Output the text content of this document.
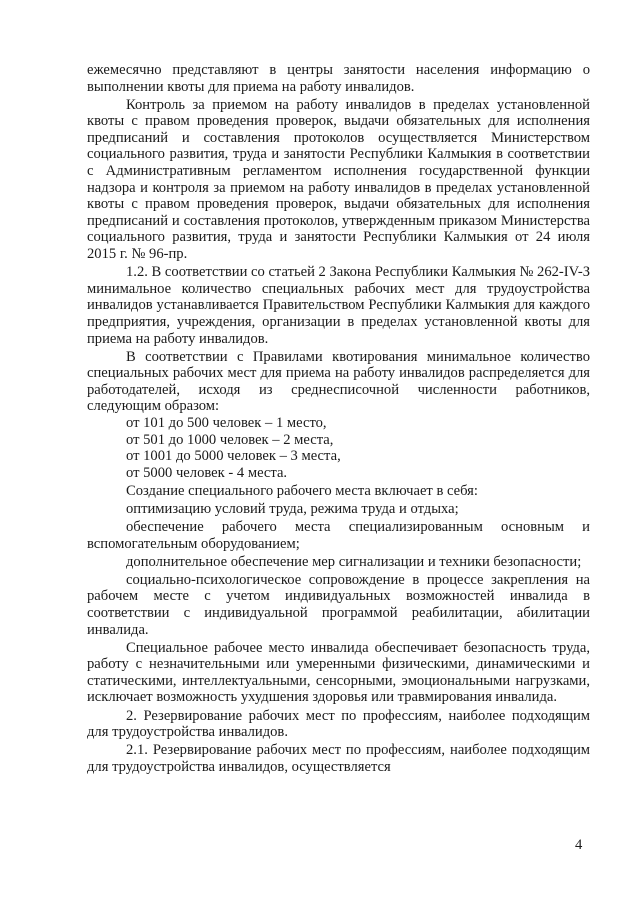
ежемесячно представляют в центры занятости населения информацию о выполнении квоты для приема на работу инвалидов.

Контроль за приемом на работу инвалидов в пределах установленной квоты с правом проведения проверок, выдачи обязательных для исполнения предписаний и составления протоколов осуществляется Министерством социального развития, труда и занятости Республики Калмыкия в соответствии с Административным регламентом исполнения государственной функции надзора и контроля за приемом на работу инвалидов в пределах установленной квоты с правом проведения проверок, выдачи обязательных для исполнения предписаний и составления протоколов, утвержденным приказом Министерства социального развития, труда и занятости Республики Калмыкия от 24 июля 2015 г. № 96-пр.

1.2. В соответствии со статьей 2 Закона Республики Калмыкия № 262-IV-З минимальное количество специальных рабочих мест для трудоустройства инвалидов устанавливается Правительством Республики Калмыкия для каждого предприятия, учреждения, организации в пределах установленной квоты для приема на работу инвалидов.

В соответствии с Правилами квотирования минимальное количество специальных рабочих мест для приема на работу инвалидов распределяется для работодателей, исходя из среднесписочной численности работников, следующим образом:

от 101 до 500 человек – 1 место,

от 501 до 1000 человек – 2 места,

от 1001 до 5000 человек – 3 места,

от 5000 человек - 4 места.

Создание специального рабочего места включает в себя:

оптимизацию условий труда, режима труда и отдыха;

обеспечение рабочего места специализированным основным и вспомогательным оборудованием;

дополнительное обеспечение мер сигнализации и техники безопасности;

социально-психологическое сопровождение в процессе закрепления на рабочем месте с учетом индивидуальных возможностей инвалида в соответствии с индивидуальной программой реабилитации, абилитации инвалида.

Специальное рабочее место инвалида обеспечивает безопасность труда, работу с незначительными или умеренными физическими, динамическими и статическими, интеллектуальными, сенсорными, эмоциональными нагрузками, исключает возможность ухудшения здоровья или травмирования инвалида.

2. Резервирование рабочих мест по профессиям, наиболее подходящим для трудоустройства инвалидов.

2.1. Резервирование рабочих мест по профессиям, наиболее подходящим для трудоустройства инвалидов, осуществляется

4
